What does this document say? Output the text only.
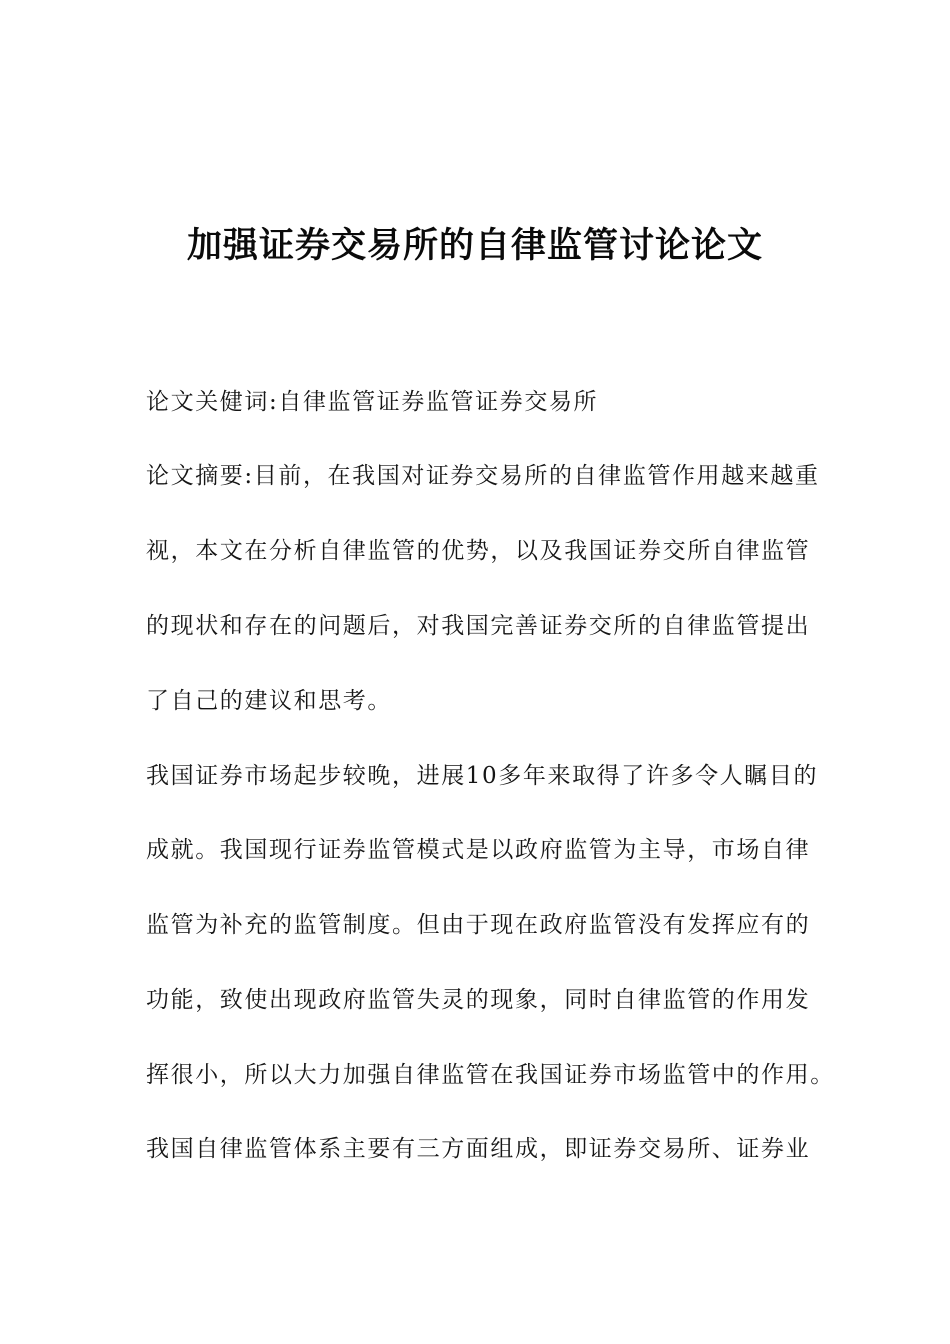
加强证券交易所的自律监管讨论论文
论文关健词:自律监管证券监管证券交易所
论文摘要:目前，在我国对证券交易所的自律监管作用越来越重
视，本文在分析自律监管的优势，以及我国证券交所自律监管
的现状和存在的问题后，对我国完善证券交所的自律监管提出
了自己的建议和思考。
我国证券市场起步较晚，进展10多年来取得了许多令人瞩目的
成就。我国现行证券监管模式是以政府监管为主导，市场自律
监管为补充的监管制度。但由于现在政府监管没有发挥应有的
功能，致使出现政府监管失灵的现象，同时自律监管的作用发
挥很小，所以大力加强自律监管在我国证券市场监管中的作用。
我国自律监管体系主要有三方面组成，即证券交易所、证券业
